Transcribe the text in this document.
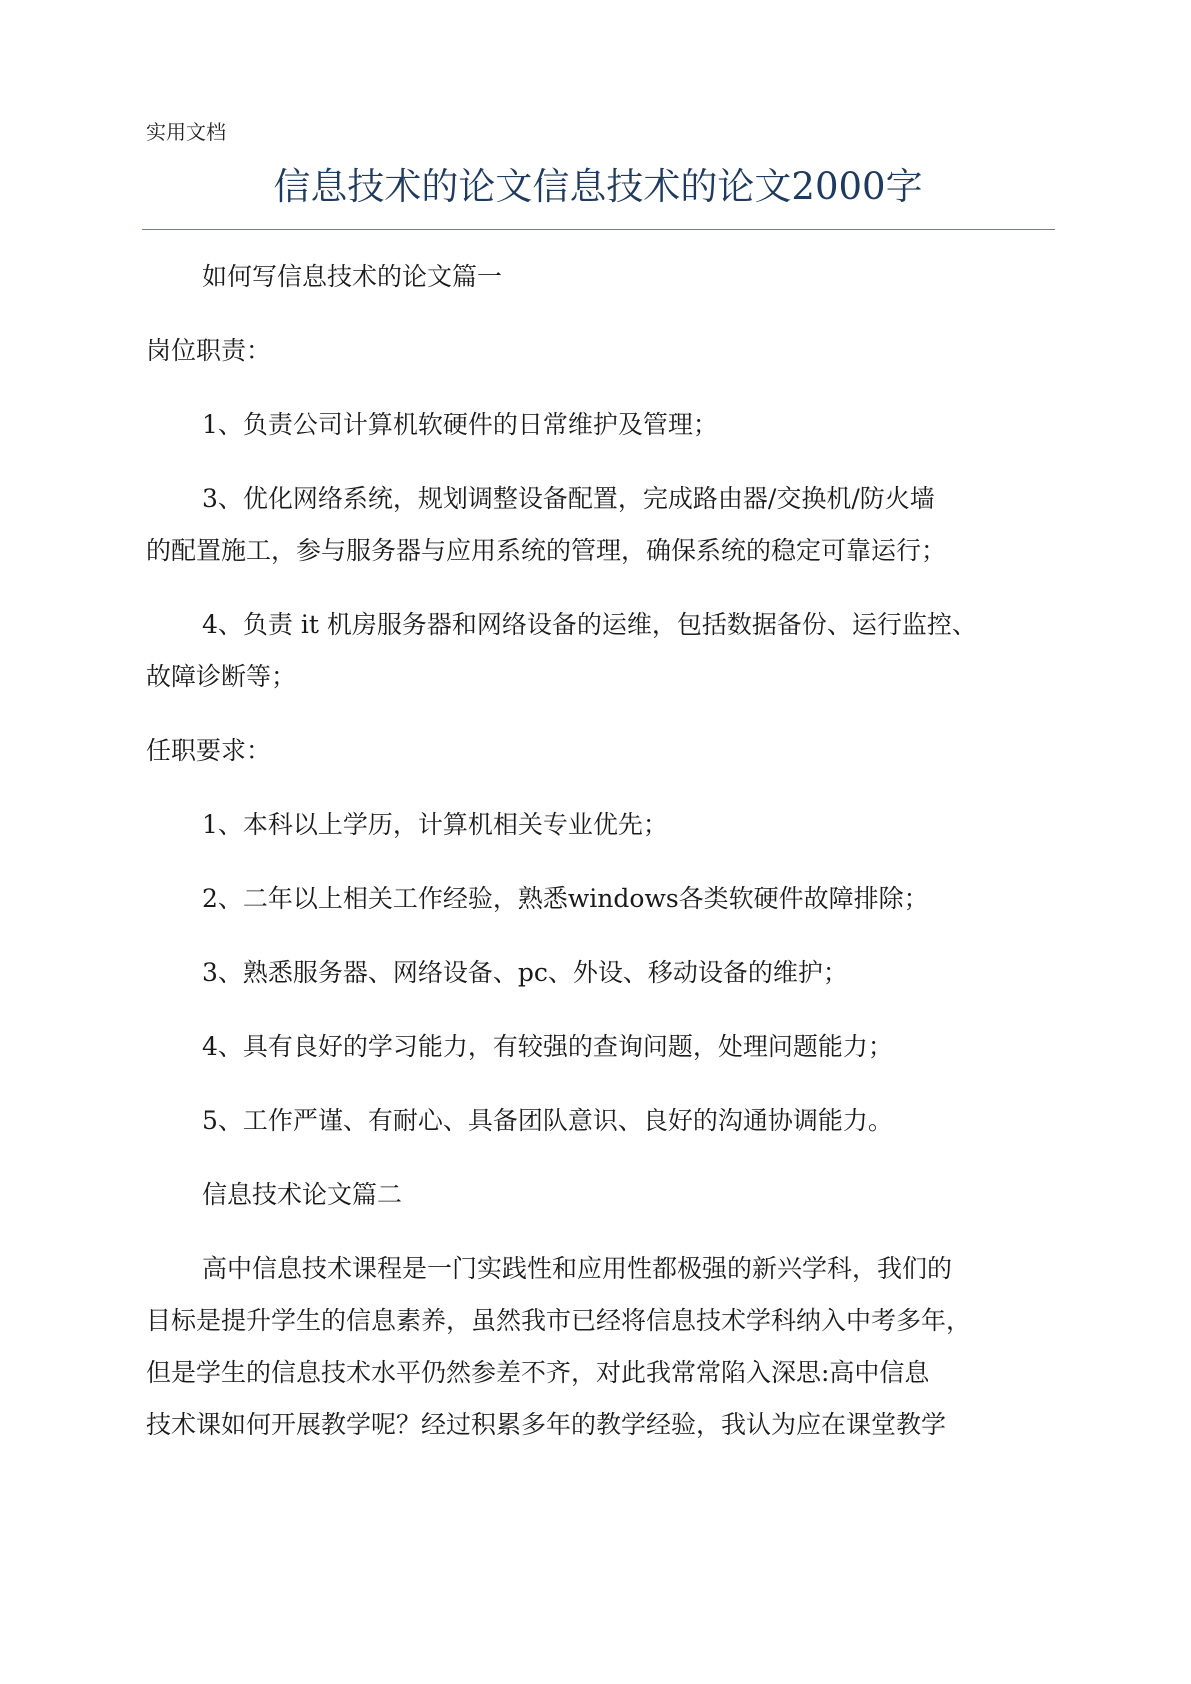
实用文档
信息技术的论文信息技术的论文2000字

如何写信息技术的论文篇一

岗位职责：

1、负责公司计算机软硬件的日常维护及管理；

3、优化网络系统，规划调整设备配置，完成路由器/交换机/防火墙

的配置施工，参与服务器与应用系统的管理，确保系统的稳定可靠运行；

4、负责 it 机房服务器和网络设备的运维，包括数据备份、运行监控、

故障诊断等；

任职要求：

1、本科以上学历，计算机相关专业优先；

2、二年以上相关工作经验，熟悉windows各类软硬件故障排除；

3、熟悉服务器、网络设备、pc、外设、移动设备的维护；

4、具有良好的学习能力，有较强的查询问题，处理问题能力；

5、工作严谨、有耐心、具备团队意识、良好的沟通协调能力。

信息技术论文篇二

高中信息技术课程是一门实践性和应用性都极强的新兴学科，我们的

目标是提升学生的信息素养，虽然我市已经将信息技术学科纳入中考多年，

但是学生的信息技术水平仍然参差不齐，对此我常常陷入深思:高中信息

技术课如何开展教学呢？经过积累多年的教学经验，我认为应在课堂教学
